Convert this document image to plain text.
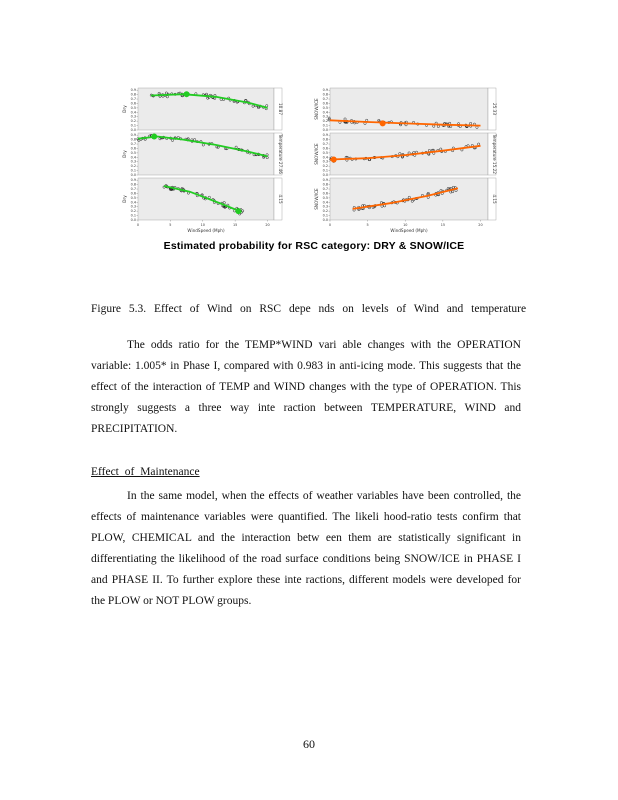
10.87
Dry
0.0
0.1
0.2
0.3
0.4
0.5
0.6
0.7
0.8
0.9
Temperature 27.46
Dry
0.0
0.1
0.2
0.3
0.4
0.5
0.6
0.7
0.8
0.9
4.15
Dry
0.0
0.1
0.2
0.3
0.4
0.5
0.6
0.7
0.8
0.9
0	5	10	15	20
WindSpeed (Mph)
25.33
SNOW/ICE
0.0
0.1
0.2
0.3
0.4
0.5
0.6
0.7
0.8
0.9
Temperature 15.22
SNOW/ICE
0.0
0.1
0.2
0.3
0.4
0.5
0.6
0.7
0.8
0.9
4.15
SNOW/ICE
0.0
0.1
0.2
0.3
0.4
0.5
0.6
0.7
0.8
0.9
0	5	10	15	20
WindSpeed (Mph)
Estimated probability for RSC category: DRY & SNOW/ICE
Figure 5.3. Effect of Wind on RSC depe nds on levels of Wind and temperature

The odds ratio for the TEMP*WIND vari able changes with the OPERATION variable: 1.005* in Phase I, compared with 0.983 in anti-icing mode. This suggests that the effect of the interaction of TEMP and WIND changes with the type of OPERATION. This strongly suggests a three way inte raction between TEMPERATURE, WIND and PRECIPITATION.

Effect of Maintenance

In the same model, when the effects of weather variables have been controlled, the effects of maintenance variables were quantified. The likeli hood-ratio tests confirm that PLOW, CHEMICAL and the interaction betw een them are statistically significant in differentiating the likelihood of the road surface conditions being SNOW/ICE in PHASE I and PHASE II. To further explore these inte ractions, different models were developed for the PLOW or NOT PLOW groups.

60
